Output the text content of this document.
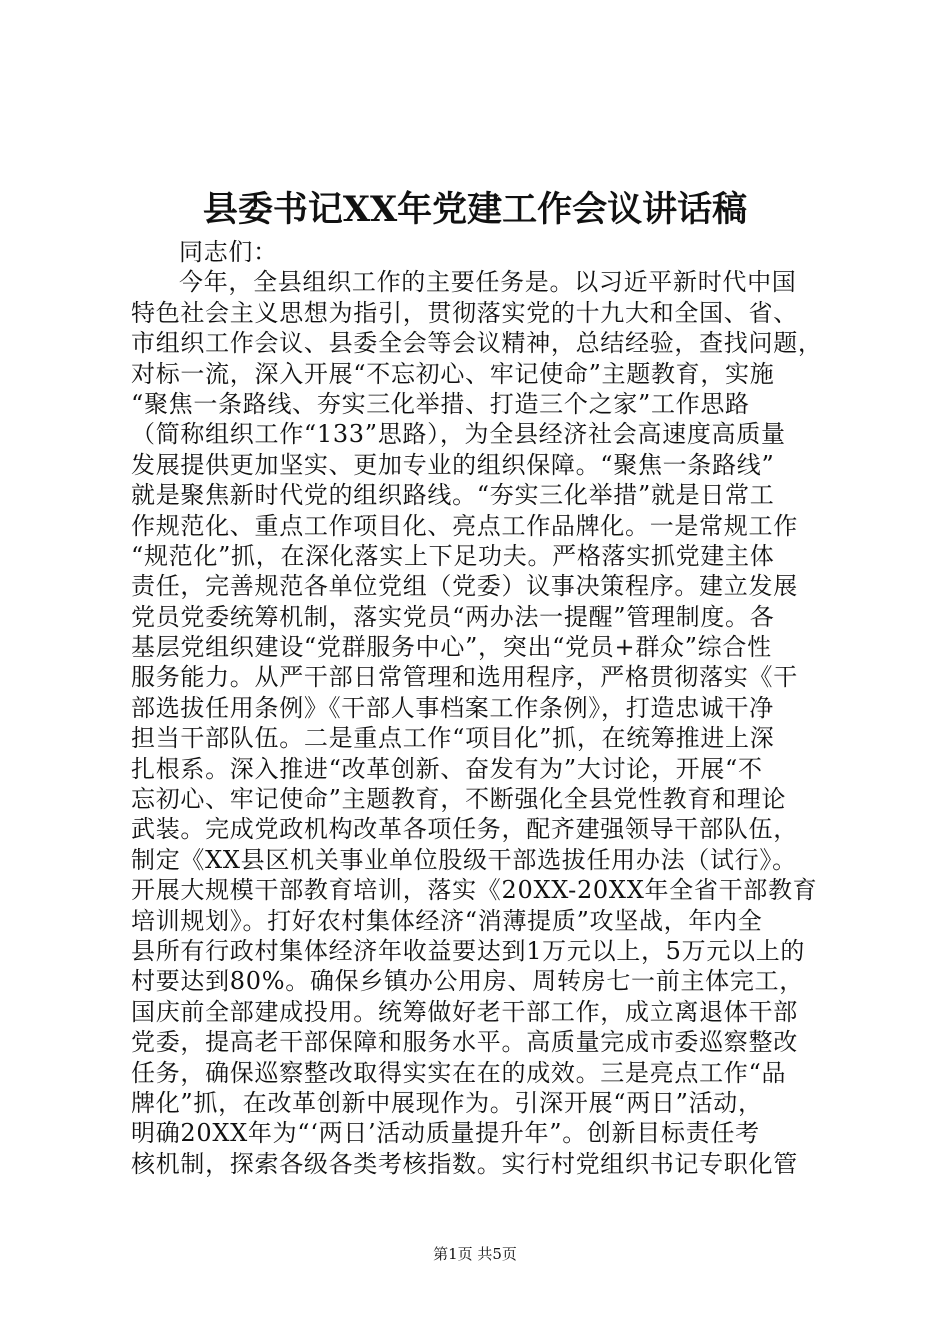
县委书记XX年党建工作会议讲话稿
同志们：
今年，全县组织工作的主要任务是。以习近平新时代中国
特色社会主义思想为指引，贯彻落实党的十九大和全国、省、
市组织工作会议、县委全会等会议精神，总结经验，查找问题，
对标一流，深入开展“不忘初心、牢记使命”主题教育，实施
“聚焦一条路线、夯实三化举措、打造三个之家”工作思路
（简称组织工作“133”思路），为全县经济社会高速度高质量
发展提供更加坚实、更加专业的组织保障。“聚焦一条路线”
就是聚焦新时代党的组织路线。“夯实三化举措”就是日常工
作规范化、重点工作项目化、亮点工作品牌化。一是常规工作
“规范化”抓，在深化落实上下足功夫。严格落实抓党建主体
责任，完善规范各单位党组（党委）议事决策程序。建立发展
党员党委统筹机制，落实党员“两办法一提醒”管理制度。各
基层党组织建设“党群服务中心”，突出“党员+群众”综合性
服务能力。从严干部日常管理和选用程序，严格贯彻落实《干
部选拔任用条例》《干部人事档案工作条例》，打造忠诚干净
担当干部队伍。二是重点工作“项目化”抓，在统筹推进上深
扎根系。深入推进“改革创新、奋发有为”大讨论，开展“不
忘初心、牢记使命”主题教育，不断强化全县党性教育和理论
武装。完成党政机构改革各项任务，配齐建强领导干部队伍，
制定《XX县区机关事业单位股级干部选拔任用办法（试行》。
开展大规模干部教育培训，落实《20XX-20XX年全省干部教育
培训规划》。打好农村集体经济“消薄提质”攻坚战，年内全
县所有行政村集体经济年收益要达到1万元以上，5万元以上的
村要达到80%。确保乡镇办公用房、周转房七一前主体完工，
国庆前全部建成投用。统筹做好老干部工作，成立离退体干部
党委，提高老干部保障和服务水平。高质量完成市委巡察整改
任务，确保巡察整改取得实实在在的成效。三是亮点工作“品
牌化”抓，在改革创新中展现作为。引深开展“两日”活动，
明确20XX年为“‘两日’活动质量提升年”。创新目标责任考
核机制，探索各级各类考核指数。实行村党组织书记专职化管
第1页 共5页
